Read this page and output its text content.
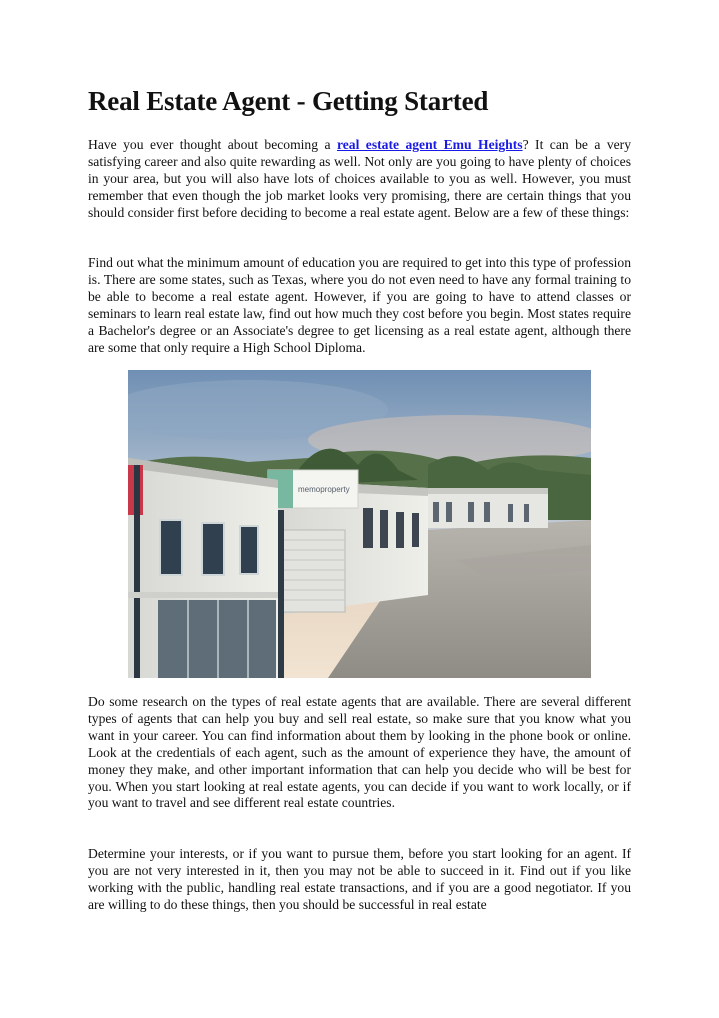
Real Estate Agent - Getting Started

Have you ever thought about becoming a real estate agent Emu Heights? It can be a very satisfying career and also quite rewarding as well. Not only are you going to have plenty of choices in your area, but you will also have lots of choices available to you as well. However, you must remember that even though the job market looks very promising, there are certain things that you should consider first before deciding to become a real estate agent. Below are a few of these things:

Find out what the minimum amount of education you are required to get into this type of profession is. There are some states, such as Texas, where you do not even need to have any formal training to be able to become a real estate agent. However, if you are going to have to attend classes or seminars to learn real estate law, find out how much they cost before you begin. Most states require a Bachelor's degree or an Associate's degree to get licensing as a real estate agent, although there are some that only require a High School Diploma.

memoproperty

Do some research on the types of real estate agents that are available. There are several different types of agents that can help you buy and sell real estate, so make sure that you know what you want in your career. You can find information about them by looking in the phone book or online. Look at the credentials of each agent, such as the amount of experience they have, the amount of money they make, and other important information that can help you decide who will be best for you. When you start looking at real estate agents, you can decide if you want to work locally, or if you want to travel and see different real estate countries.

Determine your interests, or if you want to pursue them, before you start looking for an agent. If you are not very interested in it, then you may not be able to succeed in it. Find out if you like working with the public, handling real estate transactions, and if you are a good negotiator. If you are willing to do these things, then you should be successful in real estate
